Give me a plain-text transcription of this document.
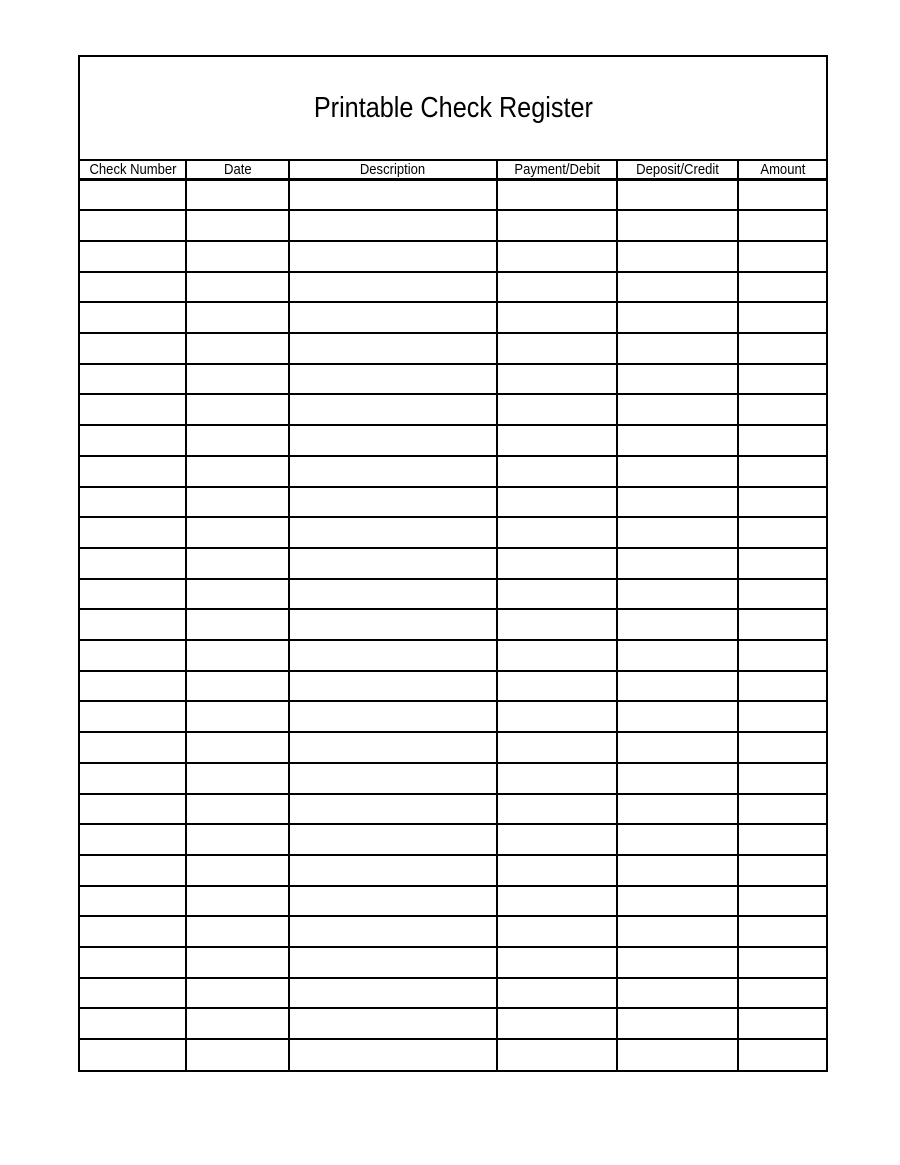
Printable Check Register
Check Number	Date	Description	Payment/Debit	Deposit/Credit	Amount
